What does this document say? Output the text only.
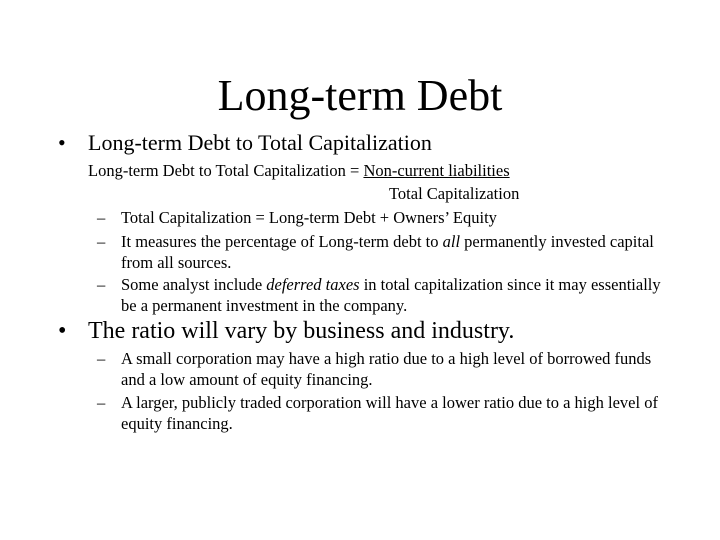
Long-term Debt
• Long-term Debt to Total Capitalization
Long-term Debt to Total Capitalization = Non-current liabilities
Total Capitalization
– Total Capitalization = Long-term Debt + Owners’ Equity
– It measures the percentage of Long-term debt to all permanently invested capital from all sources.
– Some analyst include deferred taxes in total capitalization since it may essentially be a permanent investment in the company.
• The ratio will vary by business and industry.
– A small corporation may have a high ratio due to a high level of borrowed funds and a low amount of equity financing.
– A larger, publicly traded corporation will have a lower ratio due to a high level of equity financing.
